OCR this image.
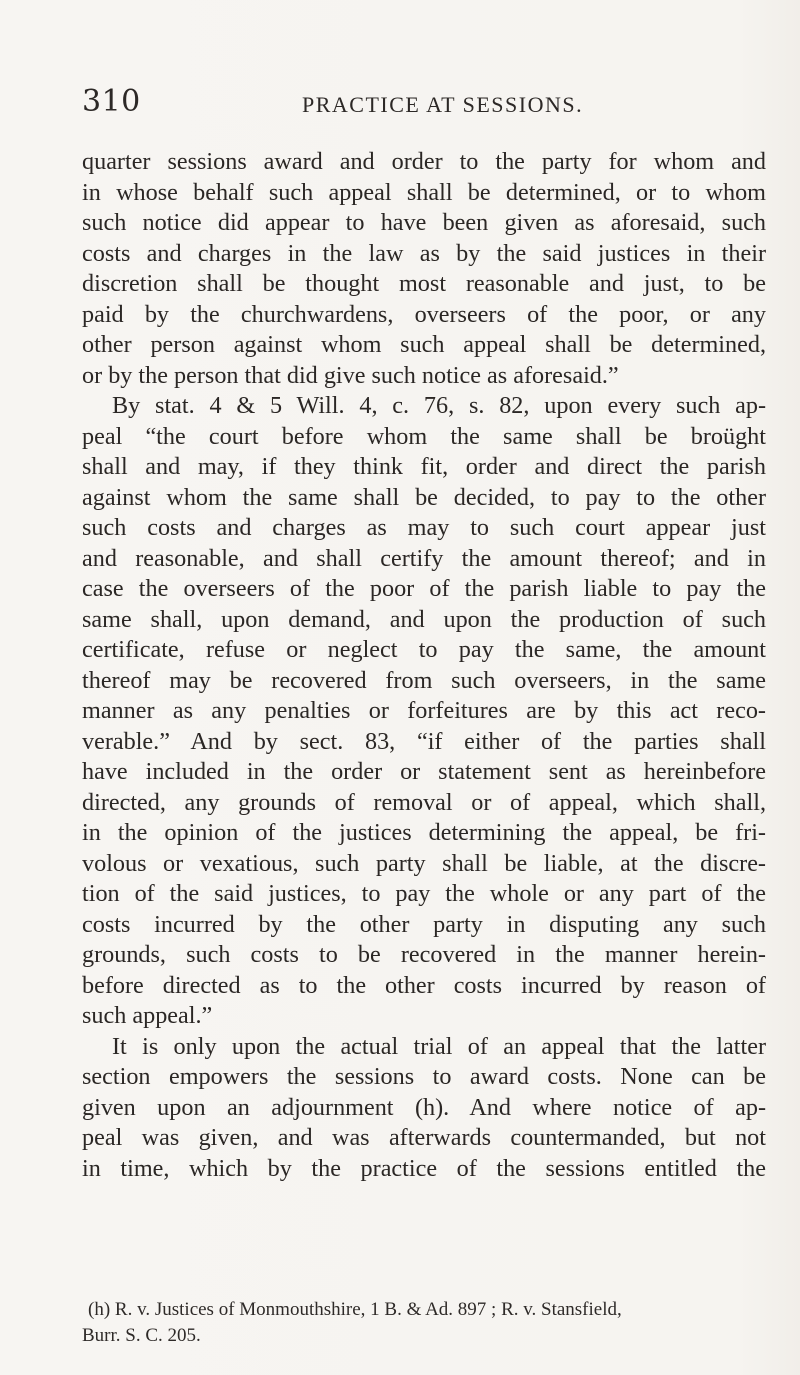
310	PRACTICE AT SESSIONS.
quarter sessions award and order to the party for whom and
in whose behalf such appeal shall be determined, or to whom
such notice did appear to have been given as aforesaid, such
costs and charges in the law as by the said justices in their
discretion shall be thought most reasonable and just, to be
paid by the churchwardens, overseers of the poor, or any
other person against whom such appeal shall be determined,
or by the person that did give such notice as aforesaid.”
By stat. 4 & 5 Will. 4, c. 76, s. 82, upon every such ap-
peal “the court before whom the same shall be broüght
shall and may, if they think fit, order and direct the parish
against whom the same shall be decided, to pay to the other
such costs and charges as may to such court appear just
and reasonable, and shall certify the amount thereof; and in
case the overseers of the poor of the parish liable to pay the
same shall, upon demand, and upon the production of such
certificate, refuse or neglect to pay the same, the amount
thereof may be recovered from such overseers, in the same
manner as any penalties or forfeitures are by this act reco-
verable.” And by sect. 83, “if either of the parties shall
have included in the order or statement sent as hereinbefore
directed, any grounds of removal or of appeal, which shall,
in the opinion of the justices determining the appeal, be fri-
volous or vexatious, such party shall be liable, at the discre-
tion of the said justices, to pay the whole or any part of the
costs incurred by the other party in disputing any such
grounds, such costs to be recovered in the manner herein-
before directed as to the other costs incurred by reason of
such appeal.”
It is only upon the actual trial of an appeal that the latter
section empowers the sessions to award costs. None can be
given upon an adjournment (h). And where notice of ap-
peal was given, and was afterwards countermanded, but not
in time, which by the practice of the sessions entitled the
(h) R. v. Justices of Monmouthshire, 1 B. & Ad. 897 ; R. v. Stansfield,
Burr. S. C. 205.
